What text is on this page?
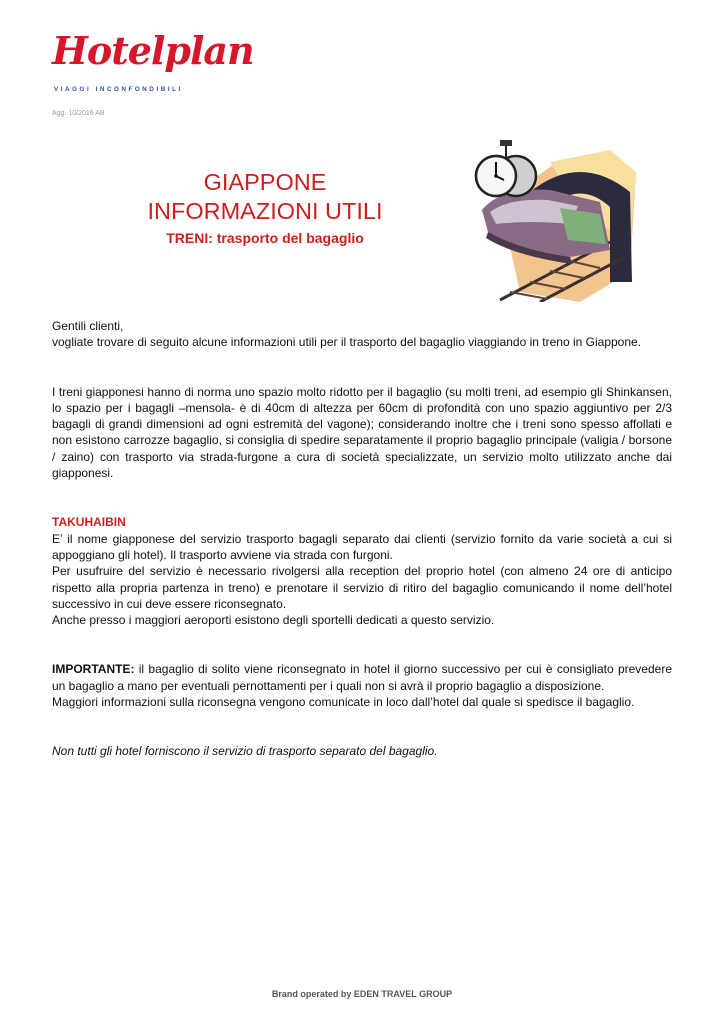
Hotelplan
VIAGGI INCONFONDIBILI
Agg. 10/2016 AB
GIAPPONE
INFORMAZIONI UTILI
TRENI: trasporto del bagaglio

Gentili clienti,

vogliate trovare di seguito alcune informazioni utili per il trasporto del bagaglio viaggiando in treno in Giappone.

I treni giapponesi hanno di norma uno spazio molto ridotto per il bagaglio (su molti treni, ad esempio gli Shinkansen, lo spazio per i bagagli –mensola- è di 40cm di altezza per 60cm di profondità con uno spazio aggiuntivo per 2/3 bagagli di grandi dimensioni ad ogni estremità del vagone); considerando inoltre che i treni sono spesso affollati e non esistono carrozze bagaglio, si consiglia di spedire separatamente il proprio bagaglio principale (valigia / borsone / zaino) con trasporto via strada-furgone a cura di società specializzate, un servizio molto utilizzato anche dai giapponesi.

TAKUHAIBIN

E’ il nome giapponese del servizio trasporto bagagli separato dai clienti (servizio fornito da varie società a cui si appoggiano gli hotel). Il trasporto avviene via strada con furgoni.

Per usufruire del servizio è necessario rivolgersi alla reception del proprio hotel (con almeno 24 ore di anticipo rispetto alla propria partenza in treno) e prenotare il servizio di ritiro del bagaglio comunicando il nome dell’hotel successivo in cui deve essere riconsegnato.

Anche presso i maggiori aeroporti esistono degli sportelli dedicati a questo servizio.

IMPORTANTE: il bagaglio di solito viene riconsegnato in hotel il giorno successivo per cui è consigliato prevedere un bagaglio a mano per eventuali pernottamenti per i quali non si avrà il proprio bagaglio a disposizione.

Maggiori informazioni sulla riconsegna vengono comunicate in loco dall’hotel dal quale si spedisce il bagaglio.

Non tutti gli hotel forniscono il servizio di trasporto separato del bagaglio.

Brand operated by EDEN TRAVEL GROUP
